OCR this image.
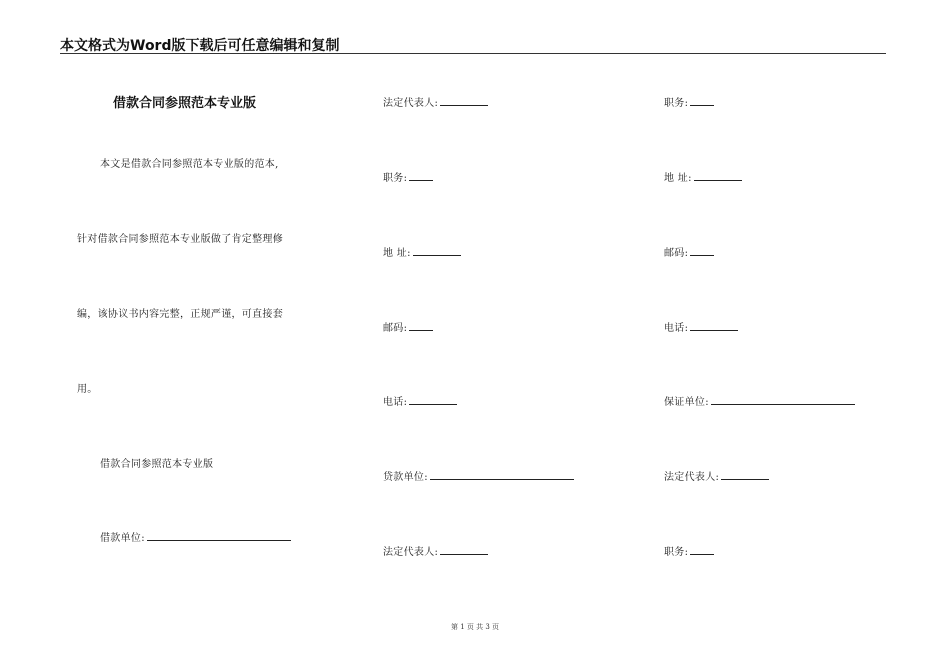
本文格式为Word版下载后可任意编辑和复制
借款合同参照范本专业版
本文是借款合同参照范本专业版的范本,
针对借款合同参照范本专业版做了肯定整理修
编，该协议书内容完整，正规严谨，可直接套
用。
借款合同参照范本专业版
借款单位:
法定代表人:
职务:
地 址:
邮码:
电话:
贷款单位:
法定代表人:
职务:
地 址:
邮码:
电话:
保证单位:
法定代表人:
职务:
第 1 页 共 3 页
